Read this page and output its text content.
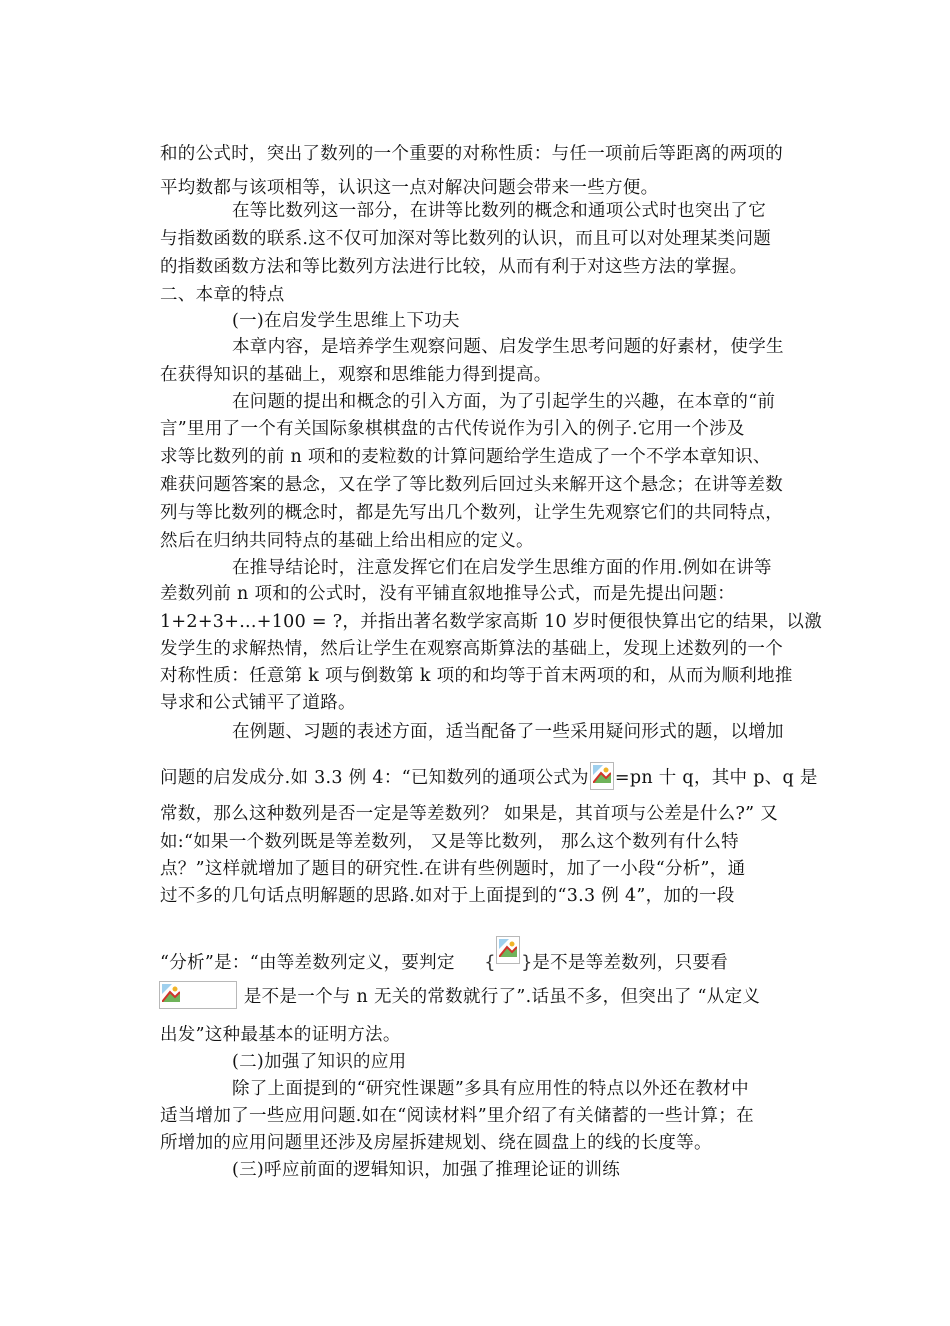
和的公式时，突出了数列的一个重要的对称性质：与任一项前后等距离的两项的
平均数都与该项相等，认识这一点对解决问题会带来一些方便。
在等比数列这一部分，在讲等比数列的概念和通项公式时也突出了它
与指数函数的联系.这不仅可加深对等比数列的认识，而且可以对处理某类问题
的指数函数方法和等比数列方法进行比较，从而有利于对这些方法的掌握。
二、本章的特点
(一)在启发学生思维上下功夫
本章内容，是培养学生观察问题、启发学生思考问题的好素材，使学生
在获得知识的基础上，观察和思维能力得到提高。
在问题的提出和概念的引入方面，为了引起学生的兴趣，在本章的“前
言”里用了一个有关国际象棋棋盘的古代传说作为引入的例子.它用一个涉及
求等比数列的前 n 项和的麦粒数的计算问题给学生造成了一个不学本章知识、
难获问题答案的悬念，又在学了等比数列后回过头来解开这个悬念；在讲等差数
列与等比数列的概念时，都是先写出几个数列，让学生先观察它们的共同特点，
然后在归纳共同特点的基础上给出相应的定义。
在推导结论时，注意发挥它们在启发学生思维方面的作用.例如在讲等
差数列前 n 项和的公式时，没有平铺直叙地推导公式，而是先提出问题：
1+2+3+...+100 = ?，并指出著名数学家高斯 10 岁时便很快算出它的结果，以激
发学生的求解热情，然后让学生在观察高斯算法的基础上，发现上述数列的一个
对称性质：任意第 k 项与倒数第 k 项的和均等于首末两项的和，从而为顺利地推
导求和公式铺平了道路。
在例题、习题的表述方面，适当配备了一些采用疑问形式的题，以增加
问题的启发成分.如 3.3 例 4：“已知数列的通项公式为 =pn 十 q，其中 p、q 是
常数，那么这种数列是否一定是等差数列？ 如果是，其首项与公差是什么?” 又
如:“如果一个数列既是等差数列， 又是等比数列， 那么这个数列有什么特
点？”这样就增加了题目的研究性.在讲有些例题时，加了一小段“分析”，通
过不多的几句话点明解题的思路.如对于上面提到的“3.3 例 4”，加的一段
“分析”是：“由等差数列定义，要判定 { }是不是等差数列，只要看
是不是一个与 n 无关的常数就行了”.话虽不多，但突出了 “从定义
出发”这种最基本的证明方法。
(二)加强了知识的应用
除了上面提到的“研究性课题”多具有应用性的特点以外还在教材中
适当增加了一些应用问题.如在“阅读材料”里介绍了有关储蓄的一些计算；在
所增加的应用问题里还涉及房屋拆建规划、绕在圆盘上的线的长度等。
(三)呼应前面的逻辑知识，加强了推理论证的训练
